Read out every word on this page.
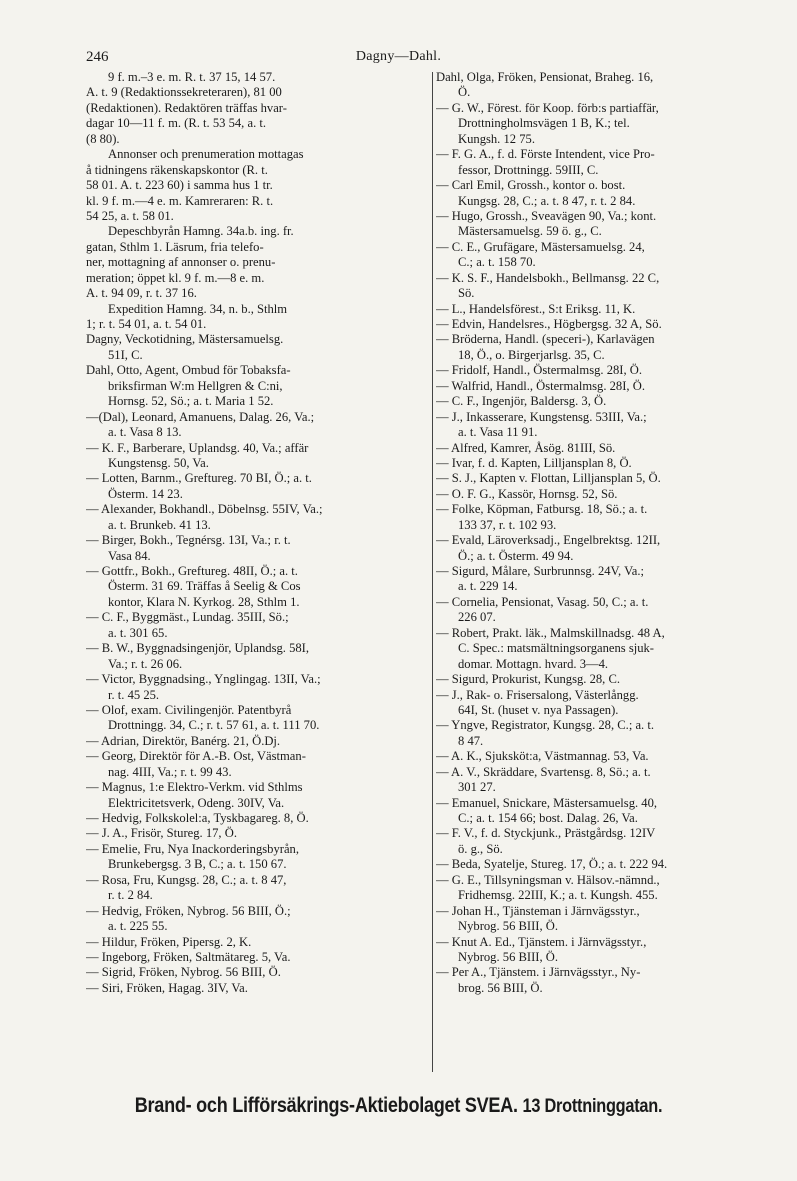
246	Dagny—Dahl.
9 f. m.–3 e. m. R. t. 37 15, 14 57.
A. t. 9 (Redaktionssekreteraren), 81 00
(Redaktionen). Redaktören träffas hvar-
dagar 10—11 f. m. (R. t. 53 54, a. t.
(8 80).
Annonser och prenumeration mottagas
å tidningens räkenskapskontor (R. t.
58 01. A. t. 223 60) i samma hus 1 tr.
kl. 9 f. m.—4 e. m. Kamreraren: R. t.
54 25, a. t. 58 01.
Depeschbyrån Hamng. 34a.b. ing. fr.
gatan, Sthlm 1. Läsrum, fria telefo-
ner, mottagning af annonser o. prenu-
meration; öppet kl. 9 f. m.—8 e. m.
A. t. 94 09, r. t. 37 16.
Expedition Hamng. 34, n. b., Sthlm
1; r. t. 54 01, a. t. 54 01.
Dagny, Veckotidning, Mästersamuelsg.
51I, C.
Dahl, Otto, Agent, Ombud för Tobaksfa-
briksfirman W:m Hellgren & C:ni,
Hornsg. 52, Sö.; a. t. Maria 1 52.
—(Dal), Leonard, Amanuens, Dalag. 26, Va.;
a. t. Vasa 8 13.
— K. F., Barberare, Uplandsg. 40, Va.; affär
Kungstensg. 50, Va.
— Lotten, Barnm., Greftureg. 70 BI, Ö.; a. t.
Österm. 14 23.
— Alexander, Bokhandl., Döbelnsg. 55IV, Va.;
a. t. Brunkeb. 41 13.
— Birger, Bokh., Tegnérsg. 13I, Va.; r. t.
Vasa 84.
— Gottfr., Bokh., Greftureg. 48II, Ö.; a. t.
Österm. 31 69. Träffas å Seelig & Cos
kontor, Klara N. Kyrkog. 28, Sthlm 1.
— C. F., Byggmäst., Lundag. 35III, Sö.;
a. t. 301 65.
— B. W., Byggnadsingenjör, Uplandsg. 58I,
Va.; r. t. 26 06.
— Victor, Byggnadsing., Ynglingag. 13II, Va.;
r. t. 45 25.
— Olof, exam. Civilingenjör. Patentbyrå
Drottningg. 34, C.; r. t. 57 61, a. t. 111 70.
— Adrian, Direktör, Banérg. 21, Ö.Dj.
— Georg, Direktör för A.-B. Ost, Västman-
nag. 4III, Va.; r. t. 99 43.
— Magnus, 1:e Elektro-Verkm. vid Sthlms
Elektricitetsverk, Odeng. 30IV, Va.
— Hedvig, Folkskolel:a, Tyskbagareg. 8, Ö.
— J. A., Frisör, Stureg. 17, Ö.
— Emelie, Fru, Nya Inackorderingsbyrån,
Brunkebergsg. 3 B, C.; a. t. 150 67.
— Rosa, Fru, Kungsg. 28, C.; a. t. 8 47,
r. t. 2 84.
— Hedvig, Fröken, Nybrog. 56 BIII, Ö.;
a. t. 225 55.
— Hildur, Fröken, Pipersg. 2, K.
— Ingeborg, Fröken, Saltmätareg. 5, Va.
— Sigrid, Fröken, Nybrog. 56 BIII, Ö.
— Siri, Fröken, Hagag. 3IV, Va.
Dahl, Olga, Fröken, Pensionat, Braheg. 16,
Ö.
— G. W., Förest. för Koop. förb:s partiaffär,
Drottningholmsvägen 1 B, K.; tel.
Kungsh. 12 75.
— F. G. A., f. d. Förste Intendent, vice Pro-
fessor, Drottningg. 59III, C.
— Carl Emil, Grossh., kontor o. bost.
Kungsg. 28, C.; a. t. 8 47, r. t. 2 84.
— Hugo, Grossh., Sveavägen 90, Va.; kont.
Mästersamuelsg. 59 ö. g., C.
— C. E., Grufägare, Mästersamuelsg. 24,
C.; a. t. 158 70.
— K. S. F., Handelsbokh., Bellmansg. 22 C,
Sö.
— L., Handelsförest., S:t Eriksg. 11, K.
— Edvin, Handelsres., Högbergsg. 32 A, Sö.
— Bröderna, Handl. (speceri-), Karlavägen
18, Ö., o. Birgerjarlsg. 35, C.
— Fridolf, Handl., Östermalmsg. 28I, Ö.
— Walfrid, Handl., Östermalmsg. 28I, Ö.
— C. F., Ingenjör, Baldersg. 3, Ö.
— J., Inkasserare, Kungstensg. 53III, Va.;
a. t. Vasa 11 91.
— Alfred, Kamrer, Åsög. 81III, Sö.
— Ivar, f. d. Kapten, Lilljansplan 8, Ö.
— S. J., Kapten v. Flottan, Lilljansplan 5, Ö.
— O. F. G., Kassör, Hornsg. 52, Sö.
— Folke, Köpman, Fatbursg. 18, Sö.; a. t.
133 37, r. t. 102 93.
— Evald, Läroverksadj., Engelbrektsg. 12II,
Ö.; a. t. Österm. 49 94.
— Sigurd, Målare, Surbrunnsg. 24V, Va.;
a. t. 229 14.
— Cornelia, Pensionat, Vasag. 50, C.; a. t.
226 07.
— Robert, Prakt. läk., Malmskillnadsg. 48 A,
C. Spec.: matsmältningsorganens sjuk-
domar. Mottagn. hvard. 3—4.
— Sigurd, Prokurist, Kungsg. 28, C.
— J., Rak- o. Frisersalong, Västerlångg.
64I, St. (huset v. nya Passagen).
— Yngve, Registrator, Kungsg. 28, C.; a. t.
8 47.
— A. K., Sjuksköt:a, Västmannag. 53, Va.
— A. V., Skräddare, Svartensg. 8, Sö.; a. t.
301 27.
— Emanuel, Snickare, Mästersamuelsg. 40,
C.; a. t. 154 66; bost. Dalag. 26, Va.
— F. V., f. d. Styckjunk., Prästgårdsg. 12IV
ö. g., Sö.
— Beda, Syatelje, Stureg. 17, Ö.; a. t. 222 94.
— G. E., Tillsyningsman v. Hälsov.-nämnd.,
Fridhemsg. 22III, K.; a. t. Kungsh. 455.
— Johan H., Tjänsteman i Järnvägsstyr.,
Nybrog. 56 BIII, Ö.
— Knut A. Ed., Tjänstem. i Järnvägsstyr.,
Nybrog. 56 BIII, Ö.
— Per A., Tjänstem. i Järnvägsstyr., Ny-
brog. 56 BIII, Ö.
Brand- och Lifförsäkrings-Aktiebolaget SVEA. 13 Drottninggatan.
